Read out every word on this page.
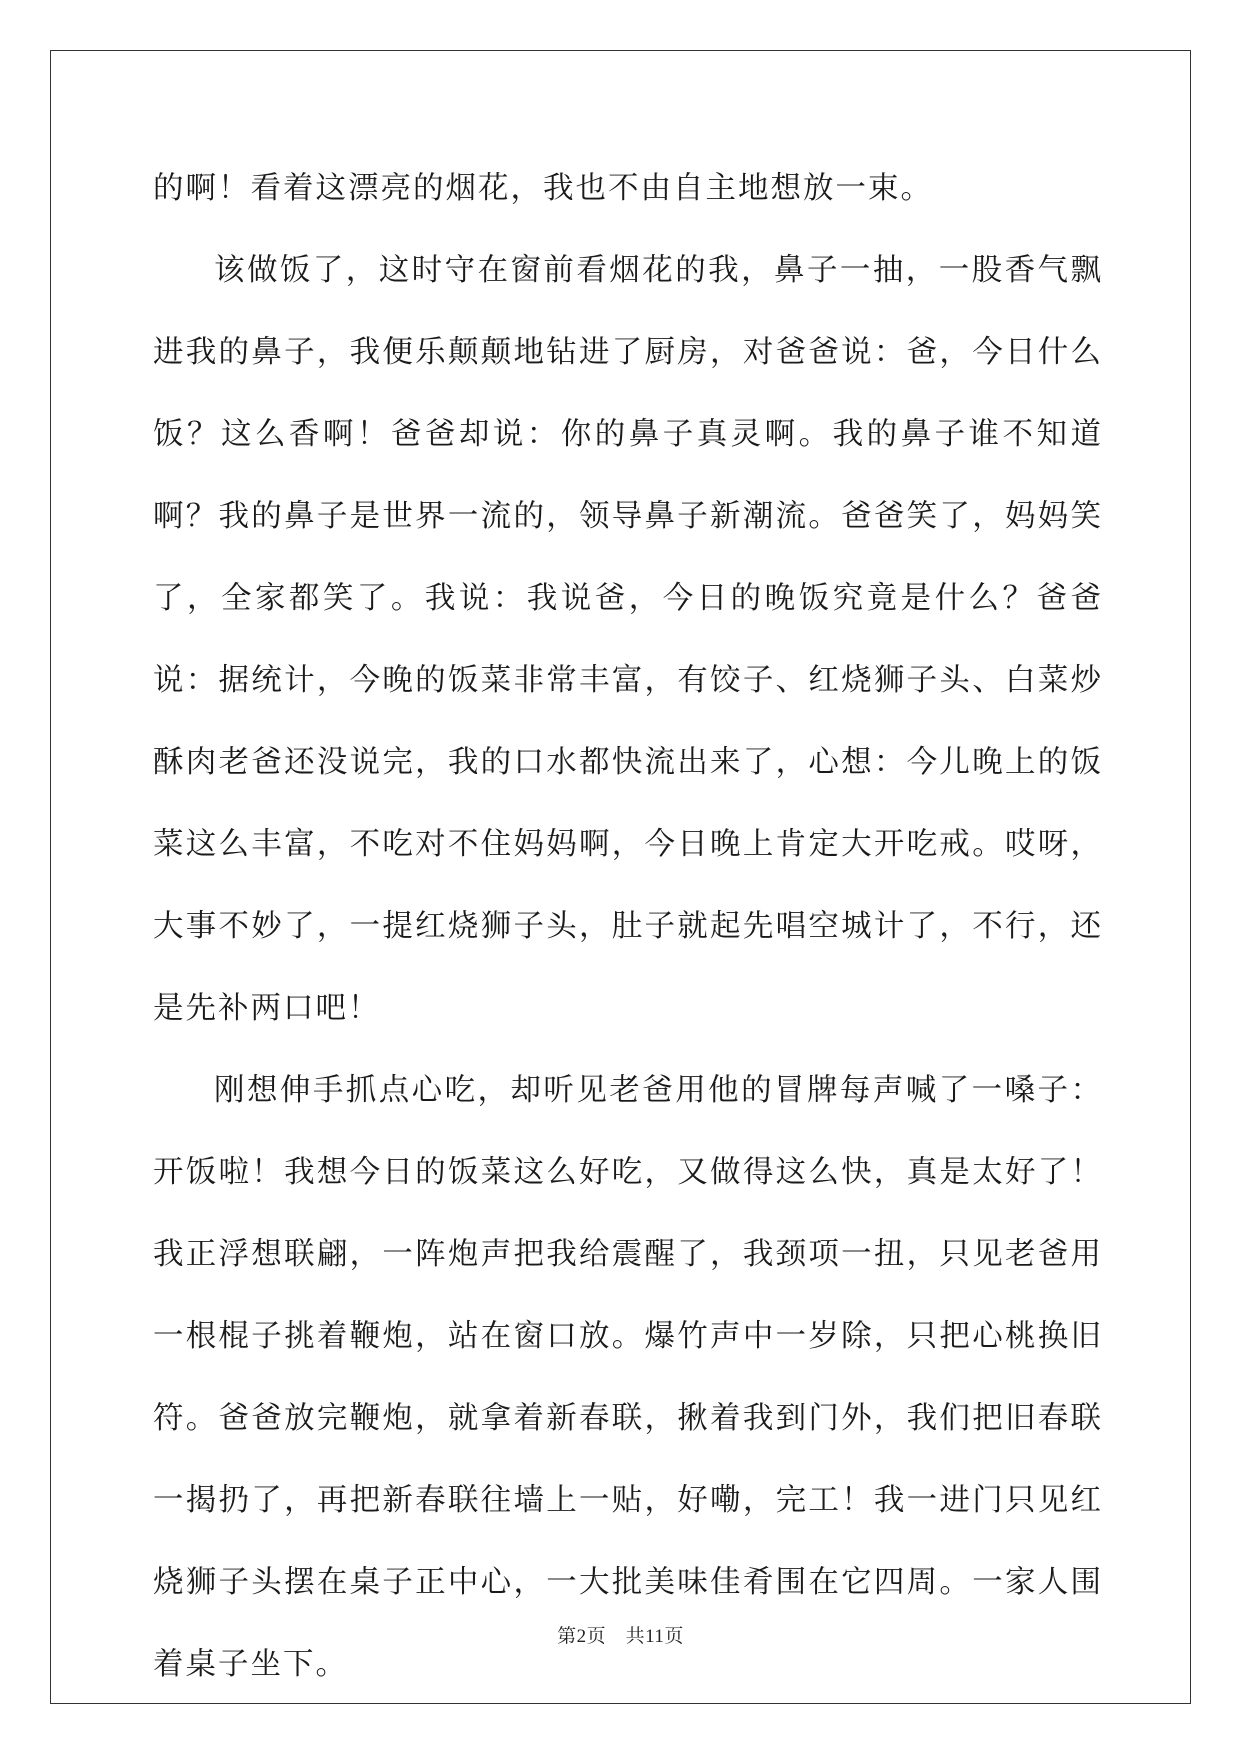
的啊！看着这漂亮的烟花，我也不由自主地想放一束。

该做饭了，这时守在窗前看烟花的我，鼻子一抽，一股香气飘进我的鼻子，我便乐颠颠地钻进了厨房，对爸爸说：爸，今日什么饭？这么香啊！爸爸却说：你的鼻子真灵啊。我的鼻子谁不知道啊？我的鼻子是世界一流的，领导鼻子新潮流。爸爸笑了，妈妈笑了，全家都笑了。我说：我说爸，今日的晚饭究竟是什么？爸爸说：据统计，今晚的饭菜非常丰富，有饺子、红烧狮子头、白菜炒酥肉老爸还没说完，我的口水都快流出来了，心想：今儿晚上的饭菜这么丰富，不吃对不住妈妈啊，今日晚上肯定大开吃戒。哎呀，大事不妙了，一提红烧狮子头，肚子就起先唱空城计了，不行，还是先补两口吧！

刚想伸手抓点心吃，却听见老爸用他的冒牌每声喊了一嗓子：开饭啦！我想今日的饭菜这么好吃，又做得这么快，真是太好了！我正浮想联翩，一阵炮声把我给震醒了，我颈项一扭，只见老爸用一根棍子挑着鞭炮，站在窗口放。爆竹声中一岁除，只把心桃换旧符。爸爸放完鞭炮，就拿着新春联，揪着我到门外，我们把旧春联一揭扔了，再把新春联往墙上一贴，好嘞，完工！我一进门只见红烧狮子头摆在桌子正中心，一大批美味佳肴围在它四周。一家人围着桌子坐下。

第2页　共11页
